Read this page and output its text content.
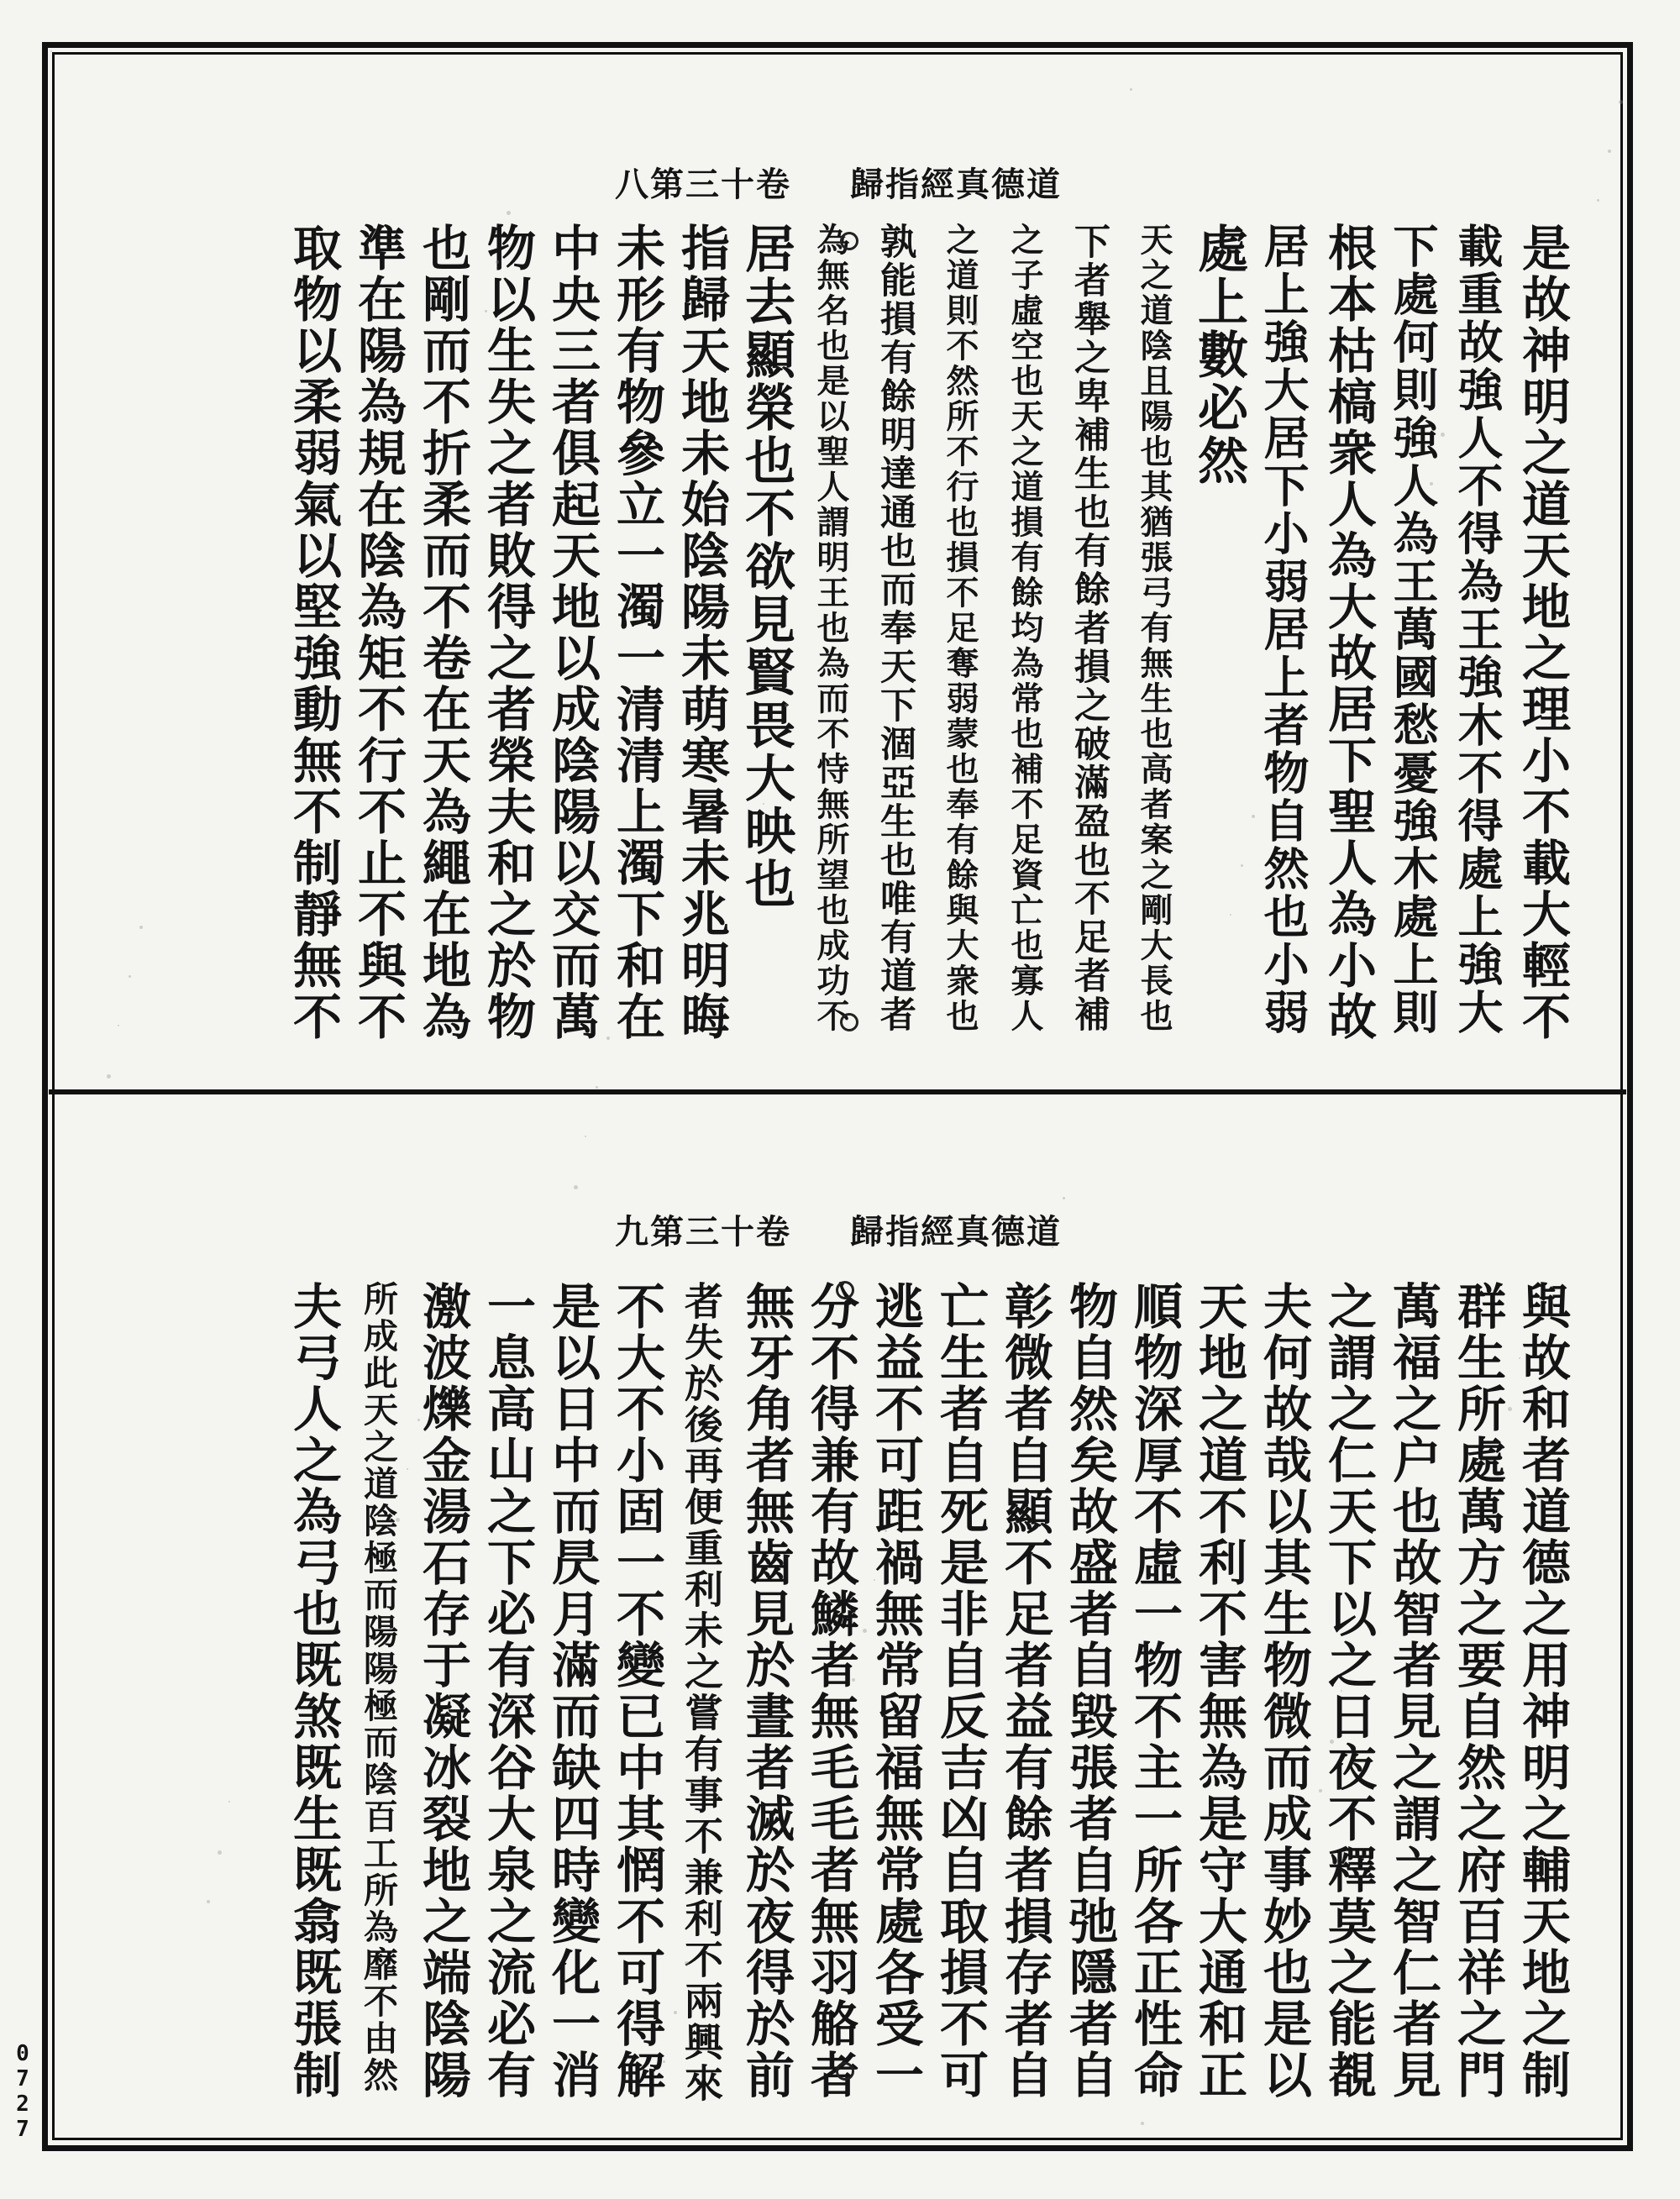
八第三十卷 歸指經真德道
是故神明之道天地之理小不載大輕不
載重故強人不得為王強木不得處上強大
下處何則強人為王萬國愁憂強木處上則
根本枯槁衆人為大故居下聖人為小故
居上強大居下小弱居上者物自然也小弱
處上數必然
天之道陰且陽也其猶張弓有無生也高者案之剛大長也
下者舉之卑補生也有餘者損之破滿盈也不足者補
之子虛空也天之道損有餘均為常也補不足資亡也寡人
之道則不然所不行也損不足奪弱蒙也奉有餘與大衆也
孰能損有餘明達通也而奉天下涸亞生也唯有道者
為無名也是以聖人謂明王也為而不恃無所望也成功不
居去顯榮也不欲見賢畏大映也
指歸天地未始陰陽未萌寒暑未兆明晦
未形有物參立一濁一清清上濁下和在
中央三者俱起天地以成陰陽以交而萬
物以生失之者敗得之者榮夫和之於物
也剛而不折柔而不卷在天為繩在地為
準在陽為規在陰為矩不行不止不與不
取物以柔弱氣以堅強動無不制靜無不
九第三十卷 歸指經真德道
與故和者道德之用神明之輔天地之制
群生所處萬方之要自然之府百祥之門
萬福之户也故智者見之謂之智仁者見
之謂之仁天下以之日夜不釋莫之能覩
夫何故哉以其生物微而成事妙也是以
天地之道不利不害無為是守大通和正
順物深厚不虛一物不主一所各正性命
物自然矣故盛者自毀張者自弛隱者自
彰微者自顯不足者益有餘者損存者自
亡生者自死是非自反吉凶自取損不可
逃益不可距禍無常留福無常處各受一
分不得兼有故鱗者無毛毛者無羽觡者
無牙角者無齒見於晝者滅於夜得於前
者失於後再便重利未之嘗有事不兼利不兩興來
不大不小固一不變已中其惘不可得解
是以日中而昃月滿而缺四時變化一消
一息高山之下必有深谷大泉之流必有
激波爍金湯石存于凝冰裂地之端陰陽
所成此天之道陰極而陽陽極而陰百工所為靡不由然
夫弓人之為弓也既煞既生既翕既張制
0
7
2
7
